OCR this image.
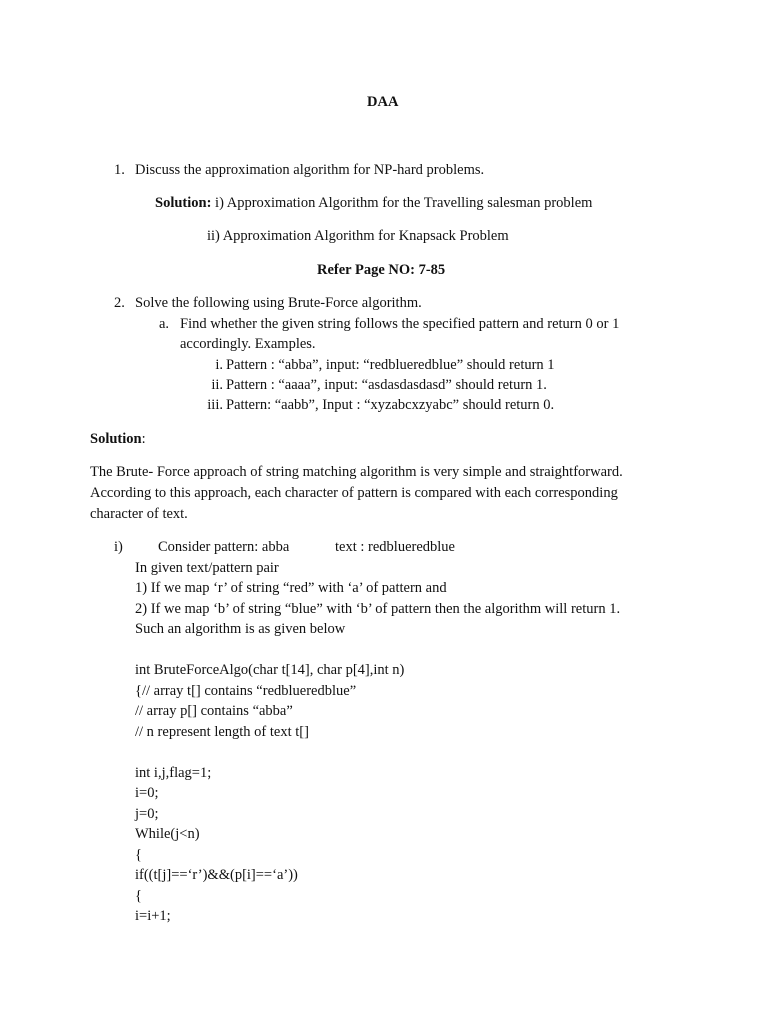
DAA
1. Discuss the approximation algorithm for NP-hard problems.
Solution: i) Approximation Algorithm for the Travelling salesman problem
ii) Approximation Algorithm for Knapsack Problem
Refer Page NO: 7-85
2. Solve the following using Brute-Force algorithm.
a. Find whether the given string follows the specified pattern and return 0 or 1
accordingly. Examples.
i. Pattern : “abba”, input: “redblueredblue” should return 1
ii. Pattern : “aaaa”, input: “asdasdasdasd” should return 1.
iii. Pattern: “aabb”, Input : “xyzabcxzyabc” should return 0.
Solution:
The Brute- Force approach of string matching algorithm is very simple and straightforward.
According to this approach, each character of pattern is compared with each corresponding
character of text.
i) Consider pattern: abba	text : redblueredblue
In given text/pattern pair
1) If we map ‘r’ of string “red” with ‘a’ of pattern and
2) If we map ‘b’ of string “blue” with ‘b’ of pattern then the algorithm will return 1.
Such an algorithm is as given below
int BruteForceAlgo(char t[14], char p[4],int n)
{// array t[] contains “redblueredblue”
// array p[] contains “abba”
// n represent length of text t[]
int i,j,flag=1;
i=0;
j=0;
While(j<n)
{
if((t[j]==‘r’)&&(p[i]==‘a’))
{
i=i+1;
